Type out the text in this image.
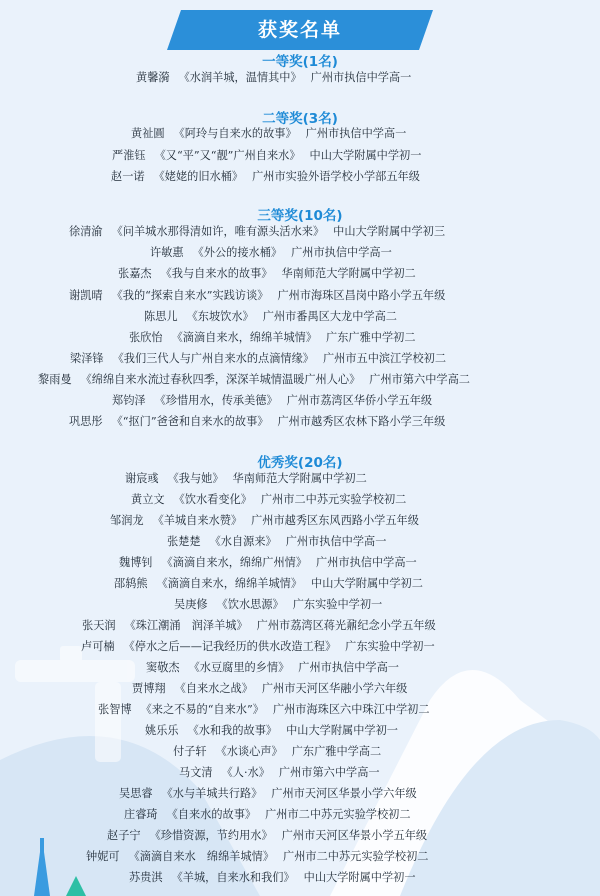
获奖名单
一等奖(1名)
黄馨漪 《水润羊城，温情其中》 广州市执信中学高一
二等奖(3名)
黄祉圓 《阿玲与自来水的故事》 广州市执信中学高一
严淮钰 《又“平”又“靓”广州自来水》 中山大学附属中学初一
赵一诺 《姥姥的旧水桶》 广州市实验外语学校小学部五年级
三等奖(10名)
徐清渝 《问羊城水那得清如许，唯有源头活水来》 中山大学附属中学初三
许敏惠 《外公的接水桶》 广州市执信中学高一
张嘉杰 《我与自来水的故事》 华南师范大学附属中学初二
谢凯晴 《我的“探索自来水”实践访谈》 广州市海珠区昌岗中路小学五年级
陈思儿 《东坡饮水》 广州市番禺区大龙中学高二
张欣怡 《滴滴自来水，绵绵羊城情》 广东广雅中学初二
梁泽锋 《我们三代人与广州自来水的点滴情缘》 广州市五中滨江学校初二
黎雨曼 《绵绵自来水流过春秋四季，深深羊城情温暖广州人心》 广州市第六中学高二
郑钧泽 《珍惜用水，传承美德》 广州市荔湾区华侨小学五年级
巩思彤 《“抠门”爸爸和自来水的故事》 广州市越秀区农林下路小学三年级
优秀奖(20名)
谢宸彧 《我与她》 华南师范大学附属中学初二
黄立文 《饮水看变化》 广州市二中苏元实验学校初二
邹润龙 《羊城自来水赞》 广州市越秀区东风西路小学五年级
张楚楚 《水自源来》 广州市执信中学高一
魏博钊 《滴滴自来水，绵绵广州情》 广州市执信中学高一
邵鸫熊 《滴滴自来水，绵绵羊城情》 中山大学附属中学初二
吴庚修 《饮水思源》 广东实验中学初一
张天润 《珠江潮涌　润泽羊城》 广州市荔湾区蒋光鼐纪念小学五年级
卢可楠 《停水之后——记我经历的供水改造工程》 广东实验中学初一
窦敬杰 《水豆腐里的乡情》 广州市执信中学高一
贾博翔 《自来水之战》 广州市天河区华融小学六年级
张智博 《来之不易的“自来水”》 广州市海珠区六中珠江中学初二
姚乐乐 《水和我的故事》 中山大学附属中学初一
付子轩 《水谈心声》 广东广雅中学高二
马文清 《人·水》 广州市第六中学高一
吴思睿 《水与羊城共行路》 广州市天河区华景小学六年级
庄睿琦 《自来水的故事》 广州市二中苏元实验学校初二
赵子宁 《珍惜资源，节约用水》 广州市天河区华景小学五年级
钟妮可 《滴滴自来水　绵绵羊城情》 广州市二中苏元实验学校初二
苏贵淇 《羊城，自来水和我们》 中山大学附属中学初一
